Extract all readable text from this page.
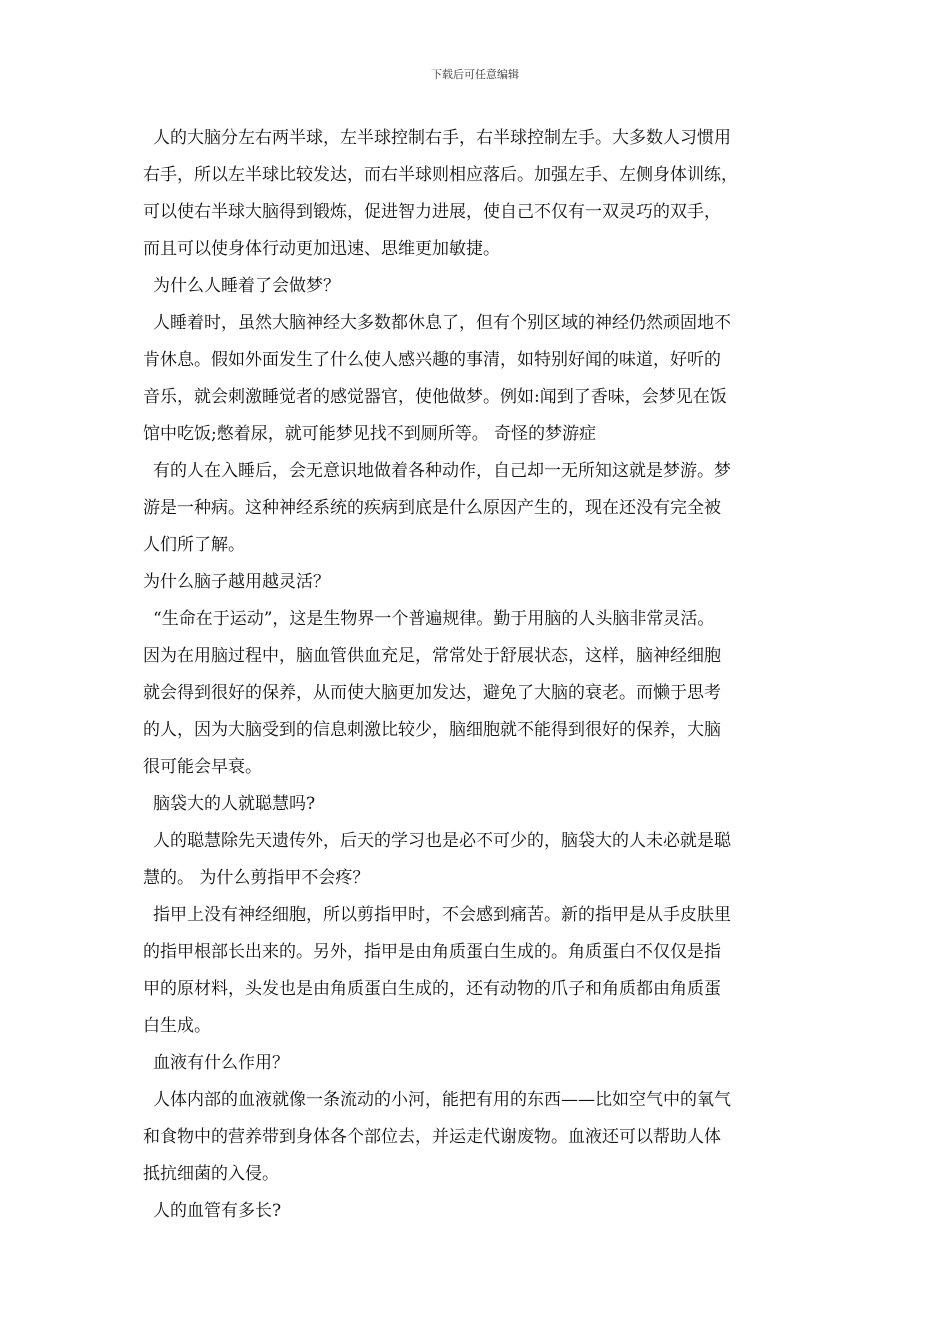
下载后可任意编辑
人的大脑分左右两半球，左半球控制右手，右半球控制左手。大多数人习惯用
右手，所以左半球比较发达，而右半球则相应落后。加强左手、左侧身体训练，
可以使右半球大脑得到锻炼，促进智力进展，使自己不仅有一双灵巧的双手，
而且可以使身体行动更加迅速、思维更加敏捷。
为什么人睡着了会做梦？
人睡着时，虽然大脑神经大多数都休息了，但有个别区域的神经仍然顽固地不
肯休息。假如外面发生了什么使人感兴趣的事清，如特别好闻的味道，好听的
音乐，就会刺激睡觉者的感觉器官，使他做梦。例如:闻到了香味，会梦见在饭
馆中吃饭;憋着尿，就可能梦见找不到厕所等。 奇怪的梦游症
有的人在入睡后，会无意识地做着各种动作，自己却一无所知这就是梦游。梦
游是一种病。这种神经系统的疾病到底是什么原因产生的，现在还没有完全被
人们所了解。
为什么脑子越用越灵活？
“生命在于运动”，这是生物界一个普遍规律。勤于用脑的人头脑非常灵活。
因为在用脑过程中，脑血管供血充足，常常处于舒展状态，这样，脑神经细胞
就会得到很好的保养，从而使大脑更加发达，避免了大脑的衰老。而懒于思考
的人，因为大脑受到的信息刺激比较少，脑细胞就不能得到很好的保养，大脑
很可能会早衰。
脑袋大的人就聪慧吗?
人的聪慧除先天遗传外，后天的学习也是必不可少的，脑袋大的人未必就是聪
慧的。 为什么剪指甲不会疼？
指甲上没有神经细胞，所以剪指甲时，不会感到痛苦。新的指甲是从手皮肤里
的指甲根部长出来的。另外，指甲是由角质蛋白生成的。角质蛋白不仅仅是指
甲的原材料，头发也是由角质蛋白生成的，还有动物的爪子和角质都由角质蛋
白生成。
血液有什么作用？
人体内部的血液就像一条流动的小河，能把有用的东西——比如空气中的氧气
和食物中的营养带到身体各个部位去，并运走代谢废物。血液还可以帮助人体
抵抗细菌的入侵。
人的血管有多长?
